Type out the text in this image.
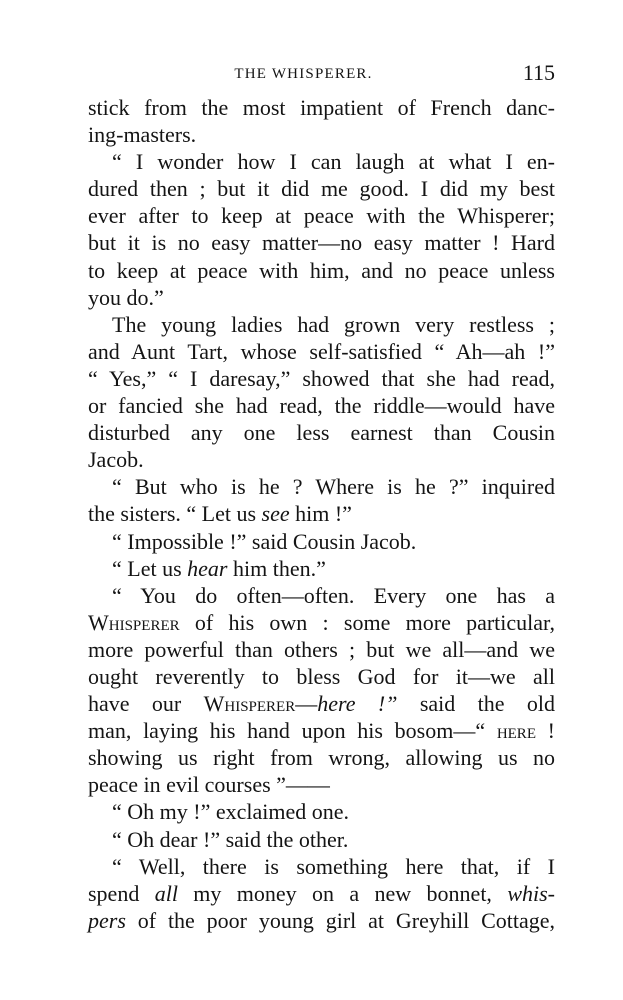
THE WHISPERER.	115
stick from the most impatient of French danc-
ing-masters.
“ I wonder how I can laugh at what I en-
dured then ; but it did me good. I did my best
ever after to keep at peace with the Whisperer;
but it is no easy matter—no easy matter ! Hard
to keep at peace with him, and no peace unless
you do.”
The young ladies had grown very restless ;
and Aunt Tart, whose self-satisfied “ Ah—ah !”
“ Yes,” “ I daresay,” showed that she had read,
or fancied she had read, the riddle—would have
disturbed any one less earnest than Cousin
Jacob.
“ But who is he ? Where is he ?” inquired
the sisters. “ Let us see him !”
“ Impossible !” said Cousin Jacob.
“ Let us hear him then.”
“ You do often—often. Every one has a
Whisperer of his own : some more particular,
more powerful than others ; but we all—and we
ought reverently to bless God for it—we all
have our Whisperer—here !” said the old
man, laying his hand upon his bosom—“ here !
showing us right from wrong, allowing us no
peace in evil courses ”——
“ Oh my !” exclaimed one.
“ Oh dear !” said the other.
“ Well, there is something here that, if I
spend all my money on a new bonnet, whis-
pers of the poor young girl at Greyhill Cottage,
